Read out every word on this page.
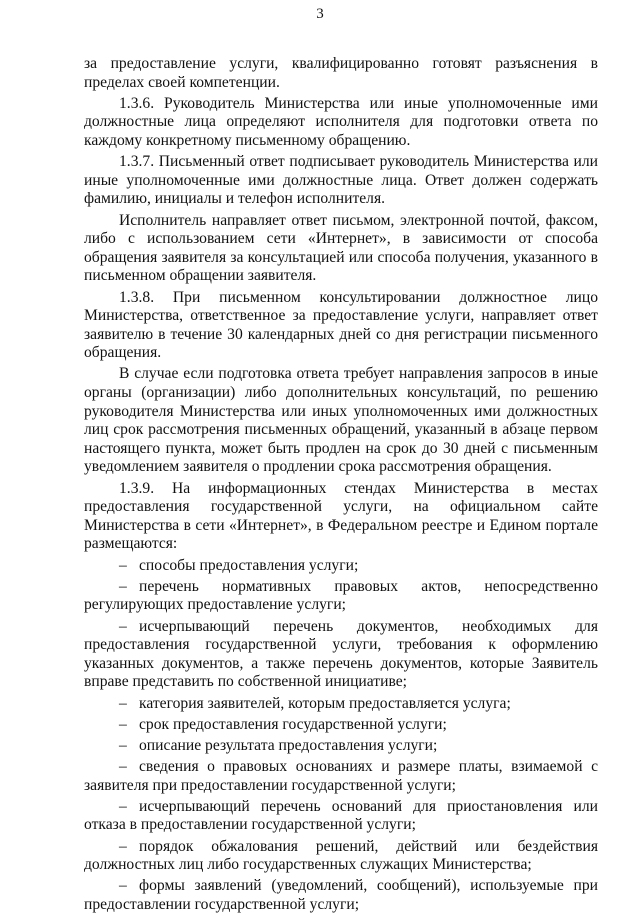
3

за предоставление услуги, квалифицированно готовят разъяснения в пределах своей компетенции.

1.3.6. Руководитель Министерства или иные уполномоченные ими должностные лица определяют исполнителя для подготовки ответа по каждому конкретному письменному обращению.

1.3.7. Письменный ответ подписывает руководитель Министерства или иные уполномоченные ими должностные лица. Ответ должен содержать фамилию, инициалы и телефон исполнителя.

Исполнитель направляет ответ письмом, электронной почтой, факсом, либо с использованием сети «Интернет», в зависимости от способа обращения заявителя за консультацией или способа получения, указанного в письменном обращении заявителя.

1.3.8. При письменном консультировании должностное лицо Министерства, ответственное за предоставление услуги, направляет ответ заявителю в течение 30 календарных дней со дня регистрации письменного обращения.

В случае если подготовка ответа требует направления запросов в иные органы (организации) либо дополнительных консультаций, по решению руководителя Министерства или иных уполномоченных ими должностных лиц срок рассмотрения письменных обращений, указанный в абзаце первом настоящего пункта, может быть продлен на срок до 30 дней с письменным уведомлением заявителя о продлении срока рассмотрения обращения.

1.3.9. На информационных стендах Министерства в местах предоставления государственной услуги, на официальном сайте Министерства в сети «Интернет», в Федеральном реестре и Едином портале размещаются:

– способы предоставления услуги;

– перечень нормативных правовых актов, непосредственно регулирующих предоставление услуги;

– исчерпывающий перечень документов, необходимых для предоставления государственной услуги, требования к оформлению указанных документов, а также перечень документов, которые Заявитель вправе представить по собственной инициативе;

– категория заявителей, которым предоставляется услуга;

– срок предоставления государственной услуги;

– описание результата предоставления услуги;

– сведения о правовых основаниях и размере платы, взимаемой с заявителя при предоставлении государственной услуги;

– исчерпывающий перечень оснований для приостановления или отказа в предоставлении государственной услуги;

– порядок обжалования решений, действий или бездействия должностных лиц либо государственных служащих Министерства;

– формы заявлений (уведомлений, сообщений), используемые при предоставлении государственной услуги;
